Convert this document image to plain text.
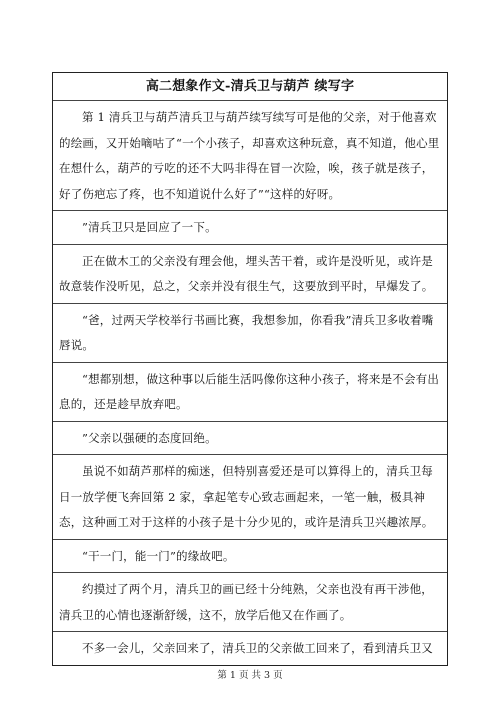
高二想象作文-清兵卫与葫芦 续写字
第 1 清兵卫与葫芦清兵卫与葫芦续写续写可是他的父亲，对于他喜欢的绘画，又开始嘀咕了“一个小孩子，却喜欢这种玩意，真不知道，他心里在想什么，葫芦的亏吃的还不大吗非得在冒一次险，唉，孩子就是孩子，好了伤疤忘了疼，也不知道说什么好了”“这样的好呀。
”清兵卫只是回应了一下。
正在做木工的父亲没有理会他，埋头苦干着，或许是没听见，或许是故意装作没听见，总之，父亲并没有很生气，这要放到平时，早爆发了。
“爸，过两天学校举行书画比赛，我想参加，你看我”清兵卫多收着嘴唇说。
“想都别想，做这种事以后能生活吗像你这种小孩子，将来是不会有出息的，还是趁早放弃吧。
”父亲以强硬的态度回绝。
虽说不如葫芦那样的痴迷，但特别喜爱还是可以算得上的，清兵卫每日一放学便飞奔回第 2 家，拿起笔专心致志画起来，一笔一触，极具神态，这种画工对于这样的小孩子是十分少见的，或许是清兵卫兴趣浓厚。
“干一门，能一门”的缘故吧。
约摸过了两个月，清兵卫的画已经十分纯熟，父亲也没有再干涉他，清兵卫的心情也逐渐舒缓，这不，放学后他又在作画了。
不多一会儿，父亲回来了，清兵卫的父亲做工回来了，看到清兵卫又
第 1 页 共 3 页
